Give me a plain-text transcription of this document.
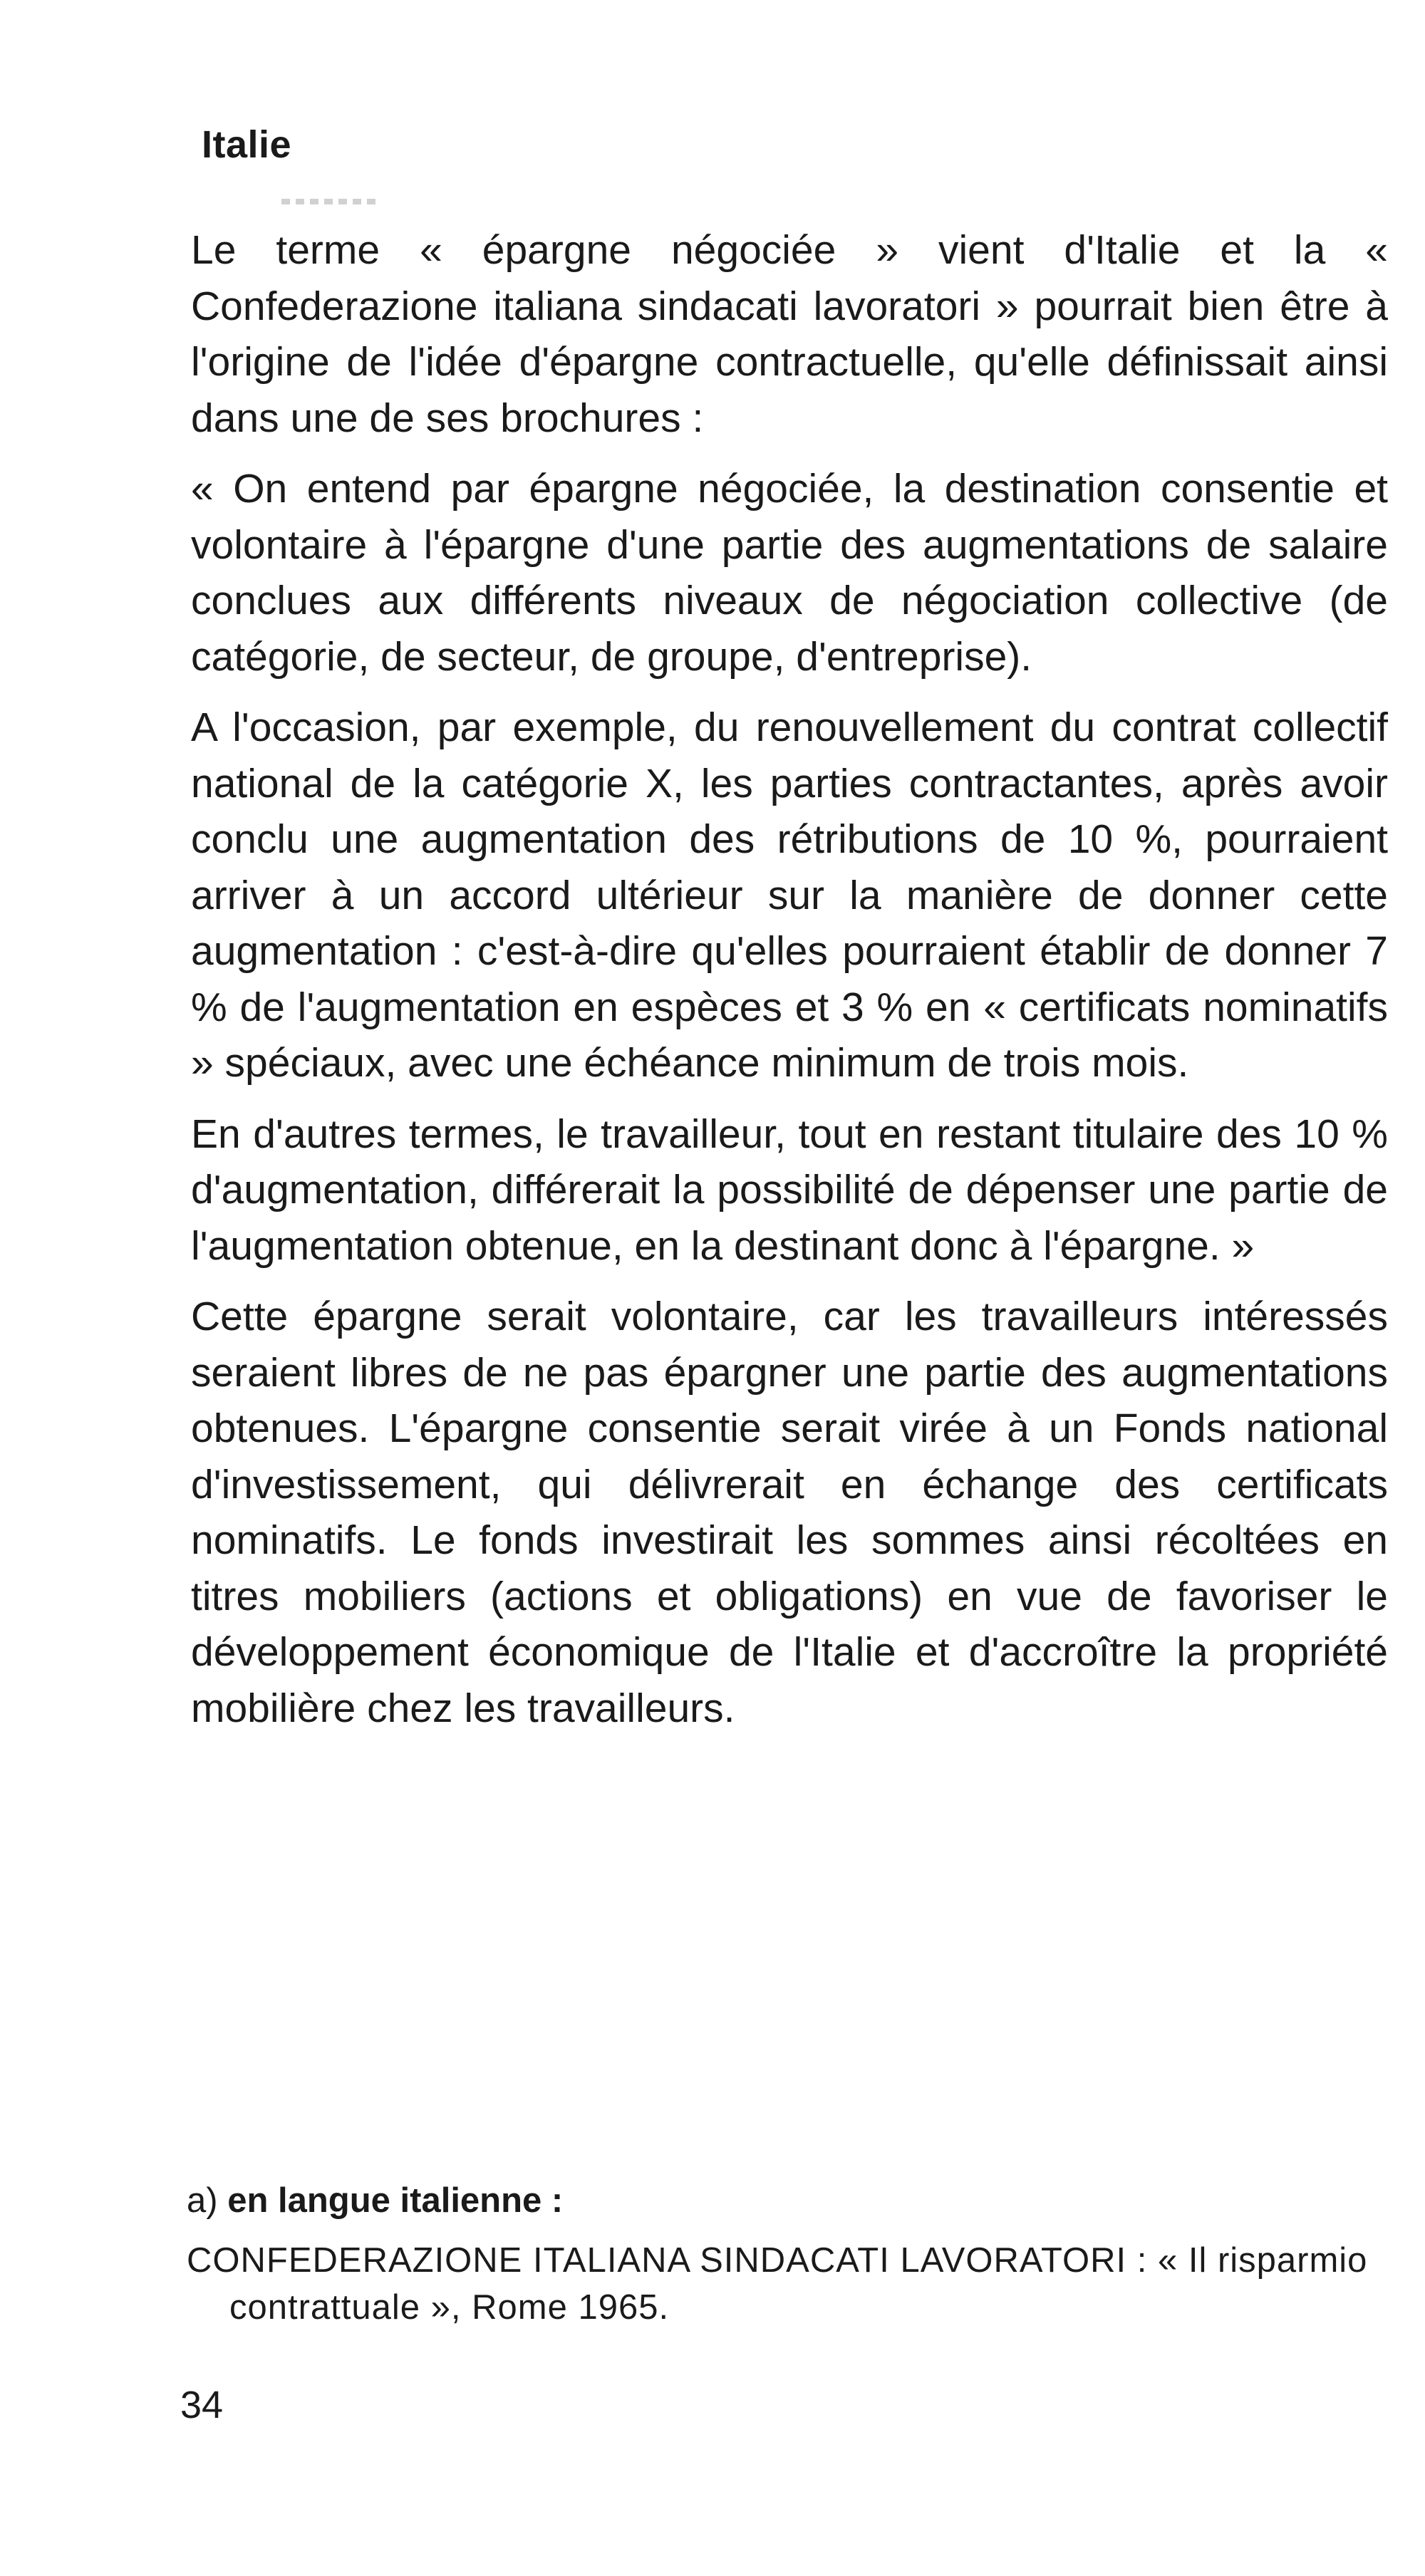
Italie

Le terme « épargne négociée » vient d'Italie et la « Confederazione italiana sindacati lavoratori » pourrait bien être à l'origine de l'idée d'épargne contractuelle, qu'elle définissait ainsi dans une de ses brochures :

« On entend par épargne négociée, la destination consentie et volontaire à l'épargne d'une partie des augmentations de salaire conclues aux différents niveaux de négociation collective (de catégorie, de secteur, de groupe, d'entreprise).

A l'occasion, par exemple, du renouvellement du contrat collectif national de la catégorie X, les parties contractantes, après avoir conclu une augmentation des rétributions de 10 %, pourraient arriver à un accord ultérieur sur la manière de donner cette augmentation : c'est-à-dire qu'elles pourraient établir de donner 7 % de l'augmentation en espèces et 3 % en « certificats nominatifs » spéciaux, avec une échéance minimum de trois mois.

En d'autres termes, le travailleur, tout en restant titulaire des 10 % d'augmentation, différerait la possibilité de dépenser une partie de l'augmentation obtenue, en la destinant donc à l'épargne. »

Cette épargne serait volontaire, car les travailleurs intéressés seraient libres de ne pas épargner une partie des augmentations obtenues. L'épargne consentie serait virée à un Fonds national d'investissement, qui délivrerait en échange des certificats nominatifs. Le fonds investirait les sommes ainsi récoltées en titres mobiliers (actions et obligations) en vue de favoriser le développement économique de l'Italie et d'accroître la propriété mobilière chez les travailleurs.

a) en langue italienne :

CONFEDERAZIONE ITALIANA SINDACATI LAVORATORI : « Il risparmio contrattuale », Rome 1965.

34
